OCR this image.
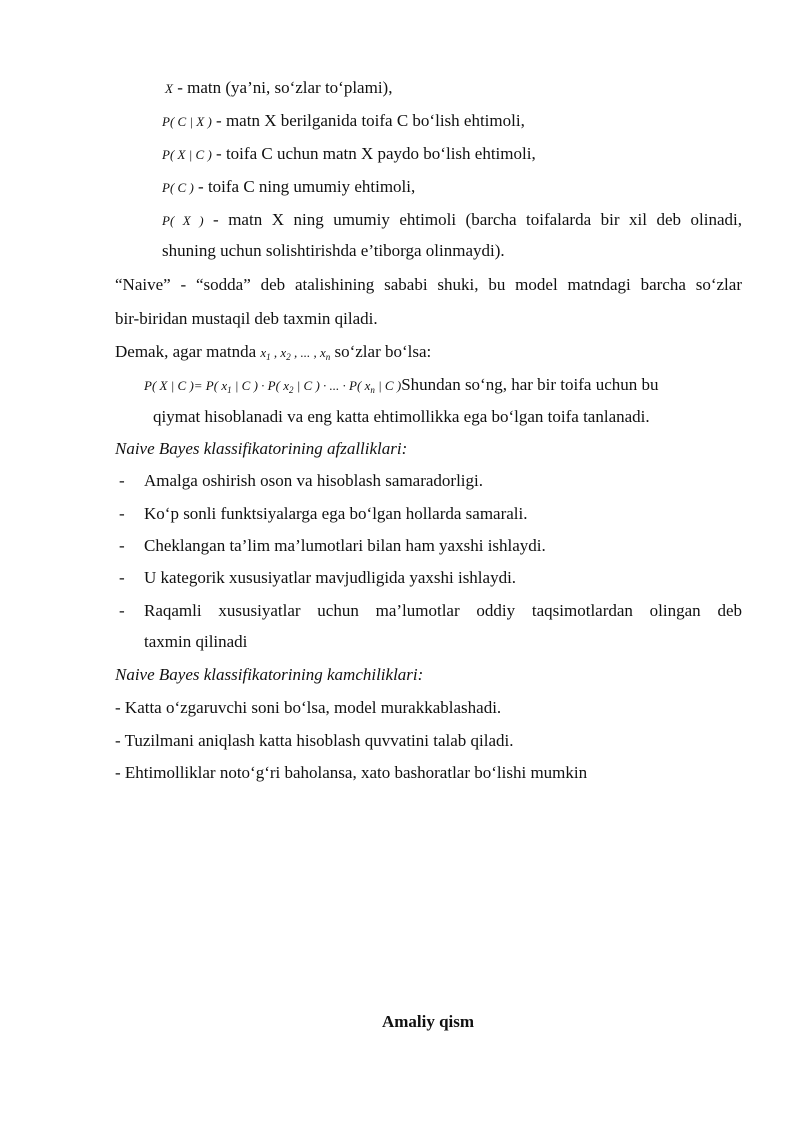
X - matn (ya’ni, so‘zlar to‘plami),
P( C | X ) - matn X berilganida toifa C bo‘lish ehtimoli,
P( X | C ) - toifa C uchun matn X paydo bo‘lish ehtimoli,
P( C ) - toifa C ning umumiy ehtimoli,
P( X ) - matn X ning umumiy ehtimoli (barcha toifalarda bir xil deb olinadi,
shuning uchun solishtirishda e’tiborga olinmaydi).
“Naive” - “sodda” deb atalishining sababi shuki, bu model matndagi barcha so‘zlar
bir-biridan mustaqil deb taxmin qiladi.
Demak, agar matnda $x_1$ , $x_2$ , ... , $x_n$ so‘zlar bo‘lsa:
P( X | C )= P( $x_1$ | C ) · P( $x_2$ | C ) · ... · P( $x_n$ | C )Shundan so‘ng, har bir toifa uchun bu
qiymat hisoblanadi va eng katta ehtimollikka ega bo‘lgan toifa tanlanadi.
Naive Bayes klassifikatorining afzalliklari:
- Amalga oshirish oson va hisoblash samaradorligi.
- Ko‘p sonli funktsiyalarga ega bo‘lgan hollarda samarali.
- Cheklangan ta’lim ma’lumotlari bilan ham yaxshi ishlaydi.
- U kategorik xususiyatlar mavjudligida yaxshi ishlaydi.
- Raqamli xususiyatlar uchun ma’lumotlar oddiy taqsimotlardan olingan deb
taxmin qilinadi
Naive Bayes klassifikatorining kamchiliklari:
- Katta o‘zgaruvchi soni bo‘lsa, model murakkablashadi.
- Tuzilmani aniqlash katta hisoblash quvvatini talab qiladi.
- Ehtimolliklar noto‘g‘ri baholansa, xato bashoratlar bo‘lishi mumkin
Amaliy qism
